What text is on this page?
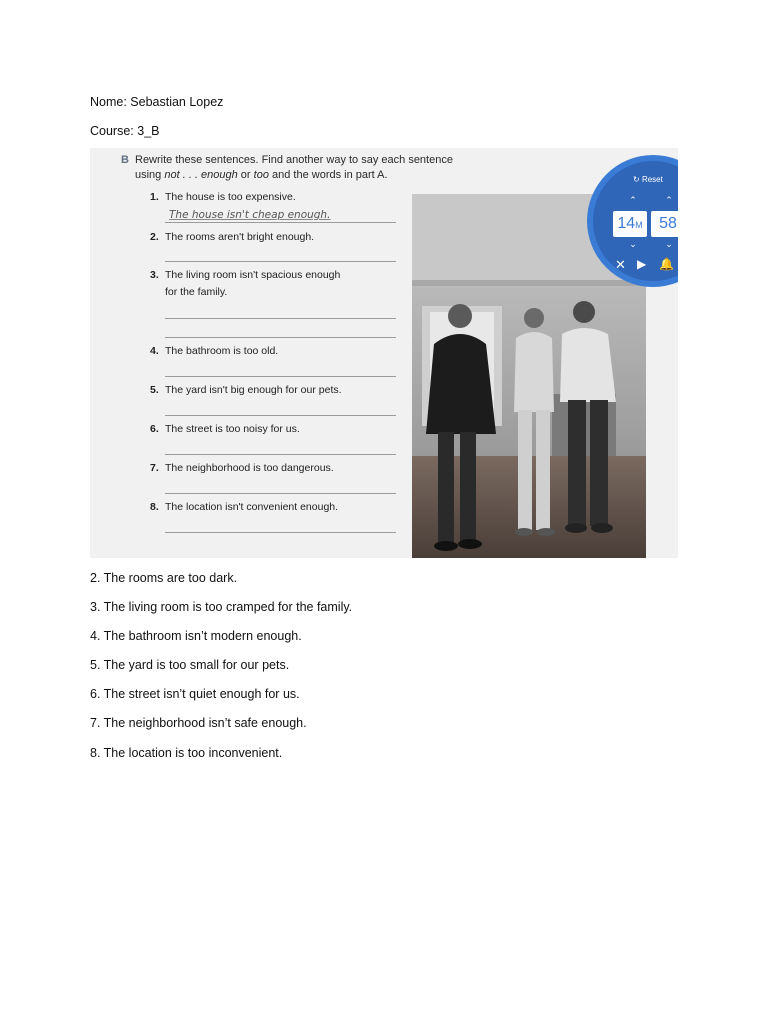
Nome: Sebastian Lopez
Course: 3_B
B Rewrite these sentences. Find another way to say each sentence
using not . . . enough or too and the words in part A.
1. The house is too expensive.
The house isn't cheap enough.
2. The rooms aren't bright enough.
3. The living room isn't spacious enough
for the family.
4. The bathroom is too old.
5. The yard isn't big enough for our pets.
6. The street is too noisy for us.
7. The neighborhood is too dangerous.
8. The location isn't convenient enough.
↻ Reset
⌃	⌃
14M	58
⌄	⌄
✕ ▶ 🔔
2. The rooms are too dark.
3. The living room is too cramped for the family.
4. The bathroom isn’t modern enough.
5. The yard is too small for our pets.
6. The street isn’t quiet enough for us.
7. The neighborhood isn’t safe enough.
8. The location is too inconvenient.
